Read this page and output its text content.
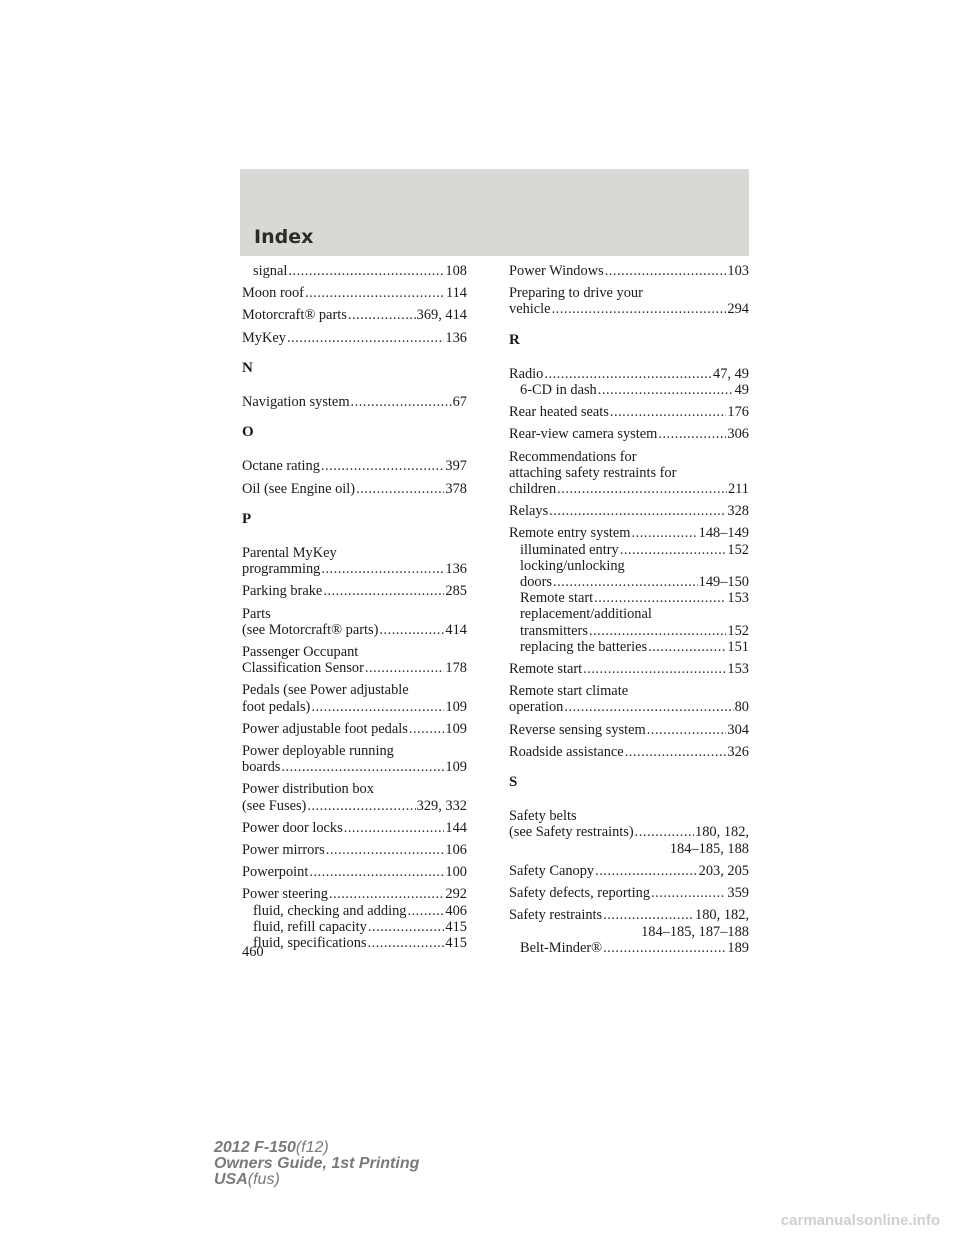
Index
signal .....	108
Moon roof .....	114
Motorcraft® parts .....	369, 414
MyKey .....	136
N
Navigation system .....	67
O
Octane rating .....	397
Oil (see Engine oil) .....	378
P
Parental MyKey
programming .....	136
Parking brake .....	285
Parts
(see Motorcraft® parts) .....	414
Passenger Occupant
Classification Sensor .....	178
Pedals (see Power adjustable
foot pedals) .....	109
Power adjustable foot pedals .....	109
Power deployable running
boards .....	109
Power distribution box
(see Fuses) .....	329, 332
Power door locks .....	144
Power mirrors .....	106
Powerpoint .....	100
Power steering .....	292
fluid, checking and adding .....	406
fluid, refill capacity .....	415
fluid, specifications .....	415
Power Windows .....	103
Preparing to drive your
vehicle .....	294
R
Radio .....	47, 49
6-CD in dash .....	49
Rear heated seats .....	176
Rear-view camera system .....	306
Recommendations for
attaching safety restraints for
children .....	211
Relays .....	328
Remote entry system .....	148–149
illuminated entry .....	152
locking/unlocking
doors .....	149–150
Remote start .....	153
replacement/additional
transmitters .....	152
replacing the batteries .....	151
Remote start .....	153
Remote start climate
operation .....	80
Reverse sensing system .....	304
Roadside assistance .....	326
S
Safety belts
(see Safety restraints) .....	180, 182,
184–185, 188
Safety Canopy .....	203, 205
Safety defects, reporting .....	359
Safety restraints .....	180, 182,
184–185, 187–188
Belt-Minder® .....	189
460
2012 F-150(f12)
Owners Guide, 1st Printing
USA(fus)
carmanualsonline.info
